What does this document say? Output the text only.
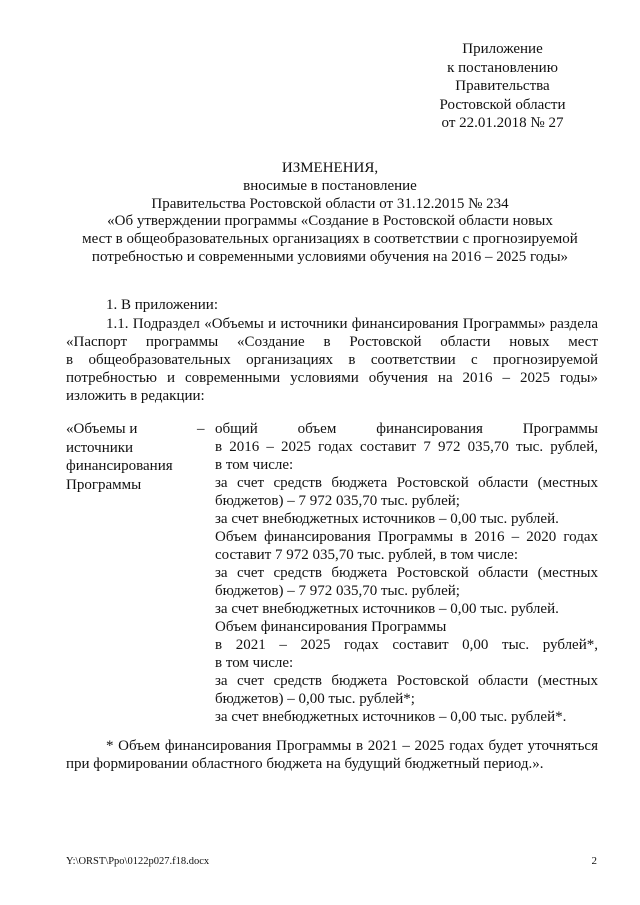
Приложение
к постановлению
Правительства
Ростовской области
от 22.01.2018 № 27
ИЗМЕНЕНИЯ,
вносимые в постановление
Правительства Ростовской области от 31.12.2015 № 234
«Об утверждении программы «Создание в Ростовской области новых
мест в общеобразовательных организациях в соответствии с прогнозируемой
потребностью и современными условиями обучения на 2016 – 2025 годы»
1. В приложении:
1.1. Подраздел «Объемы и источники финансирования Программы» раздела
«Паспорт программы «Создание в Ростовской области новых мест
в общеобразовательных организациях в соответствии с прогнозируемой
потребностью и современными условиями обучения на 2016 – 2025 годы»
изложить в редакции:
«Объемы и
источники
финансирования
Программы
– общий объем финансирования Программы
в 2016 – 2025 годах составит 7 972 035,70 тыс. рублей,
в том числе:
за счет средств бюджета Ростовской области (местных
бюджетов) – 7 972 035,70 тыс. рублей;
за счет внебюджетных источников – 0,00 тыс. рублей.
Объем финансирования Программы в 2016 – 2020 годах
составит 7 972 035,70 тыс. рублей, в том числе:
за счет средств бюджета Ростовской области (местных
бюджетов) – 7 972 035,70 тыс. рублей;
за счет внебюджетных источников – 0,00 тыс. рублей.
Объем финансирования Программы
в 2021 – 2025 годах составит 0,00 тыс. рублей*,
в том числе:
за счет средств бюджета Ростовской области (местных
бюджетов) – 0,00 тыс. рублей*;
за счет внебюджетных источников – 0,00 тыс. рублей*.
* Объем финансирования Программы в 2021 – 2025 годах будет уточняться
при формировании областного бюджета на будущий бюджетный период.».
Y:\ORST\Ppo\0122p027.f18.docx	2
